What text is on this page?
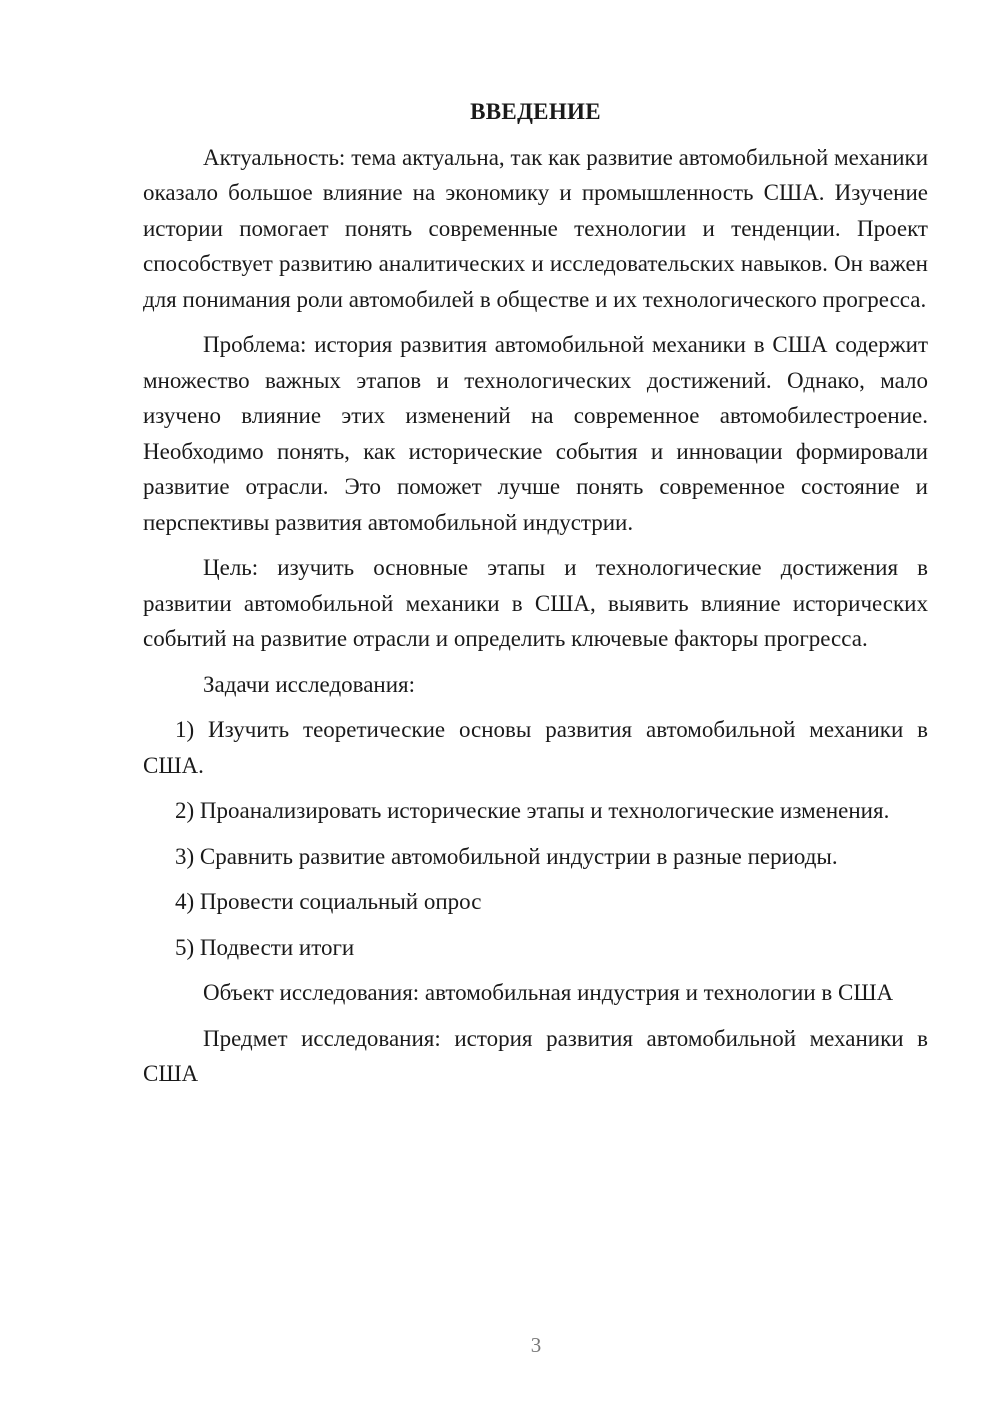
ВВЕДЕНИЕ

Актуальность: тема актуальна, так как развитие автомобильной механики оказало большое влияние на экономику и промышленность США. Изучение истории помогает понять современные технологии и тенденции. Проект способствует развитию аналитических и исследовательских навыков. Он важен для понимания роли автомобилей в обществе и их технологического прогресса.

Проблема: история развития автомобильной механики в США содержит множество важных этапов и технологических достижений. Однако, мало изучено влияние этих изменений на современное автомобилестроение. Необходимо понять, как исторические события и инновации формировали развитие отрасли. Это поможет лучше понять современное состояние и перспективы развития автомобильной индустрии.

Цель: изучить основные этапы и технологические достижения в развитии автомобильной механики в США, выявить влияние исторических событий на развитие отрасли и определить ключевые факторы прогресса.

Задачи исследования:

1) Изучить теоретические основы развития автомобильной механики в США.

2) Проанализировать исторические этапы и технологические изменения.

3) Сравнить развитие автомобильной индустрии в разные периоды.

4) Провести социальный опрос

5) Подвести итоги

Объект исследования: автомобильная индустрия и технологии в США

Предмет исследования: история развития автомобильной механики в США

3
